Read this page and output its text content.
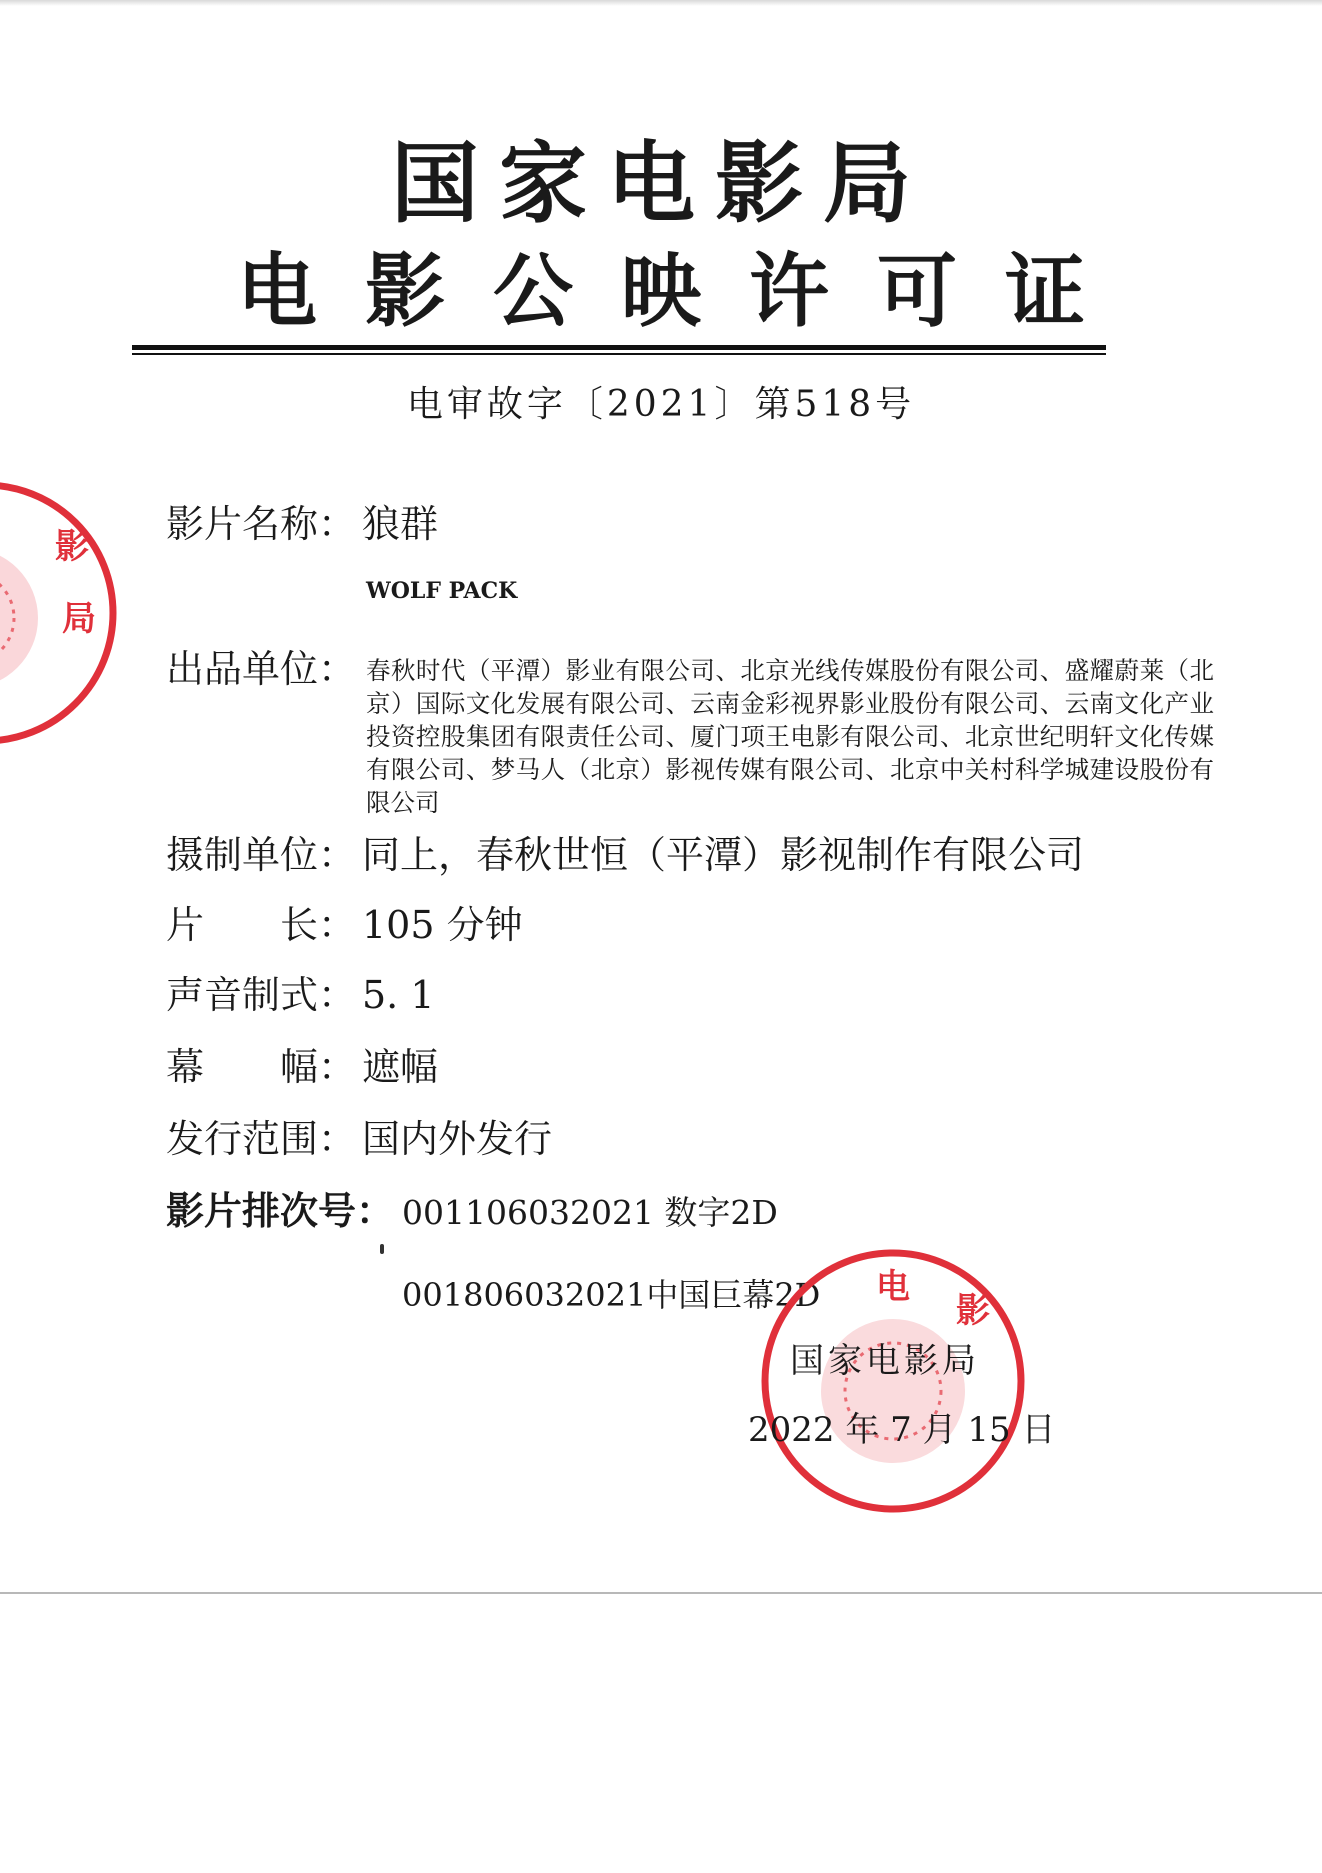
国家电影局
电影公映许可证
电审故字〔2021〕第518号
影
局
影片名称： 狼群
WOLF PACK
出品单位： 春秋时代（平潭）影业有限公司、北京光线传媒股份有限公司、盛耀蔚莱（北京）国际文化发展有限公司、云南金彩视界影业股份有限公司、云南文化产业投资控股集团有限责任公司、厦门项王电影有限公司、北京世纪明轩文化传媒有限公司、梦马人（北京）影视传媒有限公司、北京中关村科学城建设股份有限公司
摄制单位： 同上，春秋世恒（平潭）影视制作有限公司
片　　长： 105 分钟
声音制式： 5. 1
幕　　幅： 遮幅
发行范围： 国内外发行
影片排次号： 001106032021 数字2D
001806032021中国巨幕2D 电
影
国家电影局
2022 年 7 月 15 日
